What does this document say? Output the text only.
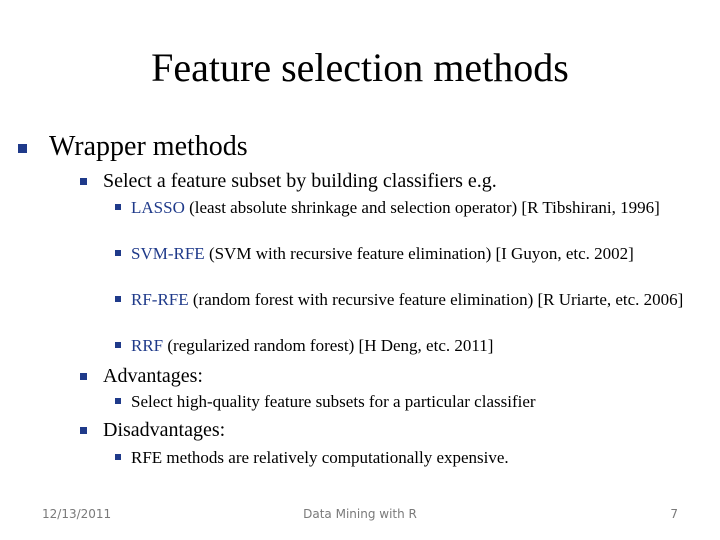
Feature selection methods
Wrapper methods
Select a feature subset by building classifiers e.g.
LASSO (least absolute shrinkage and selection operator) [R Tibshirani, 1996]
SVM-RFE (SVM with recursive feature elimination) [I Guyon, etc. 2002]
RF-RFE (random forest with recursive feature elimination) [R Uriarte, etc. 2006]
RRF (regularized random forest) [H Deng, etc. 2011]
Advantages:
Select high-quality feature subsets for a particular classifier
Disadvantages:
RFE methods are relatively computationally expensive.
12/13/2011	Data Mining with R	7
